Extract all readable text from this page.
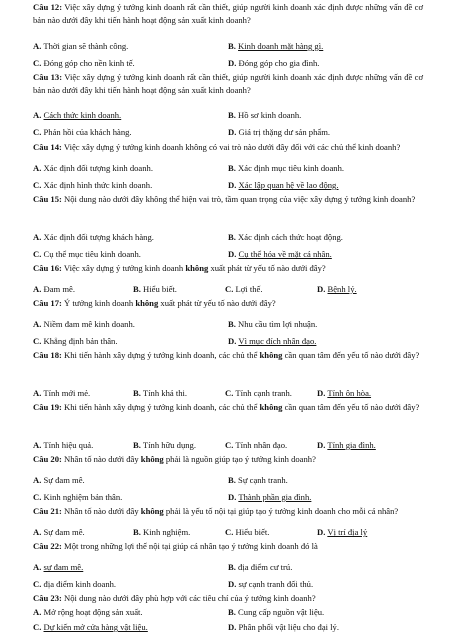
Câu 12: Việc xây dựng ý tưởng kinh doanh rất cần thiết, giúp người kinh doanh xác định được những vấn đề cơ bản nào dưới đây khi tiến hành hoạt động sản xuất kinh doanh?
A. Thời gian sẽ thành công.	B. Kinh doanh mặt hàng gì.
C. Đóng góp cho nền kinh tế.	D. Đóng góp cho gia đình.
Câu 13: Việc xây dựng ý tưởng kinh doanh rất cần thiết, giúp người kinh doanh xác định được những vấn đề cơ bản nào dưới đây khi tiến hành hoạt động sản xuất kinh doanh?
A. Cách thức kinh doanh.	B. Hồ sơ kinh doanh.
C. Phản hồi của khách hàng.	D. Giá trị thặng dư sản phẩm.
Câu 14: Việc xây dựng ý tưởng kinh doanh không có vai trò nào dưới đây đối với các chủ thể kinh doanh?
A. Xác định đối tượng kinh doanh.	B. Xác định mục tiêu kinh doanh.
C. Xác định hình thức kinh doanh.	D. Xác lập quan hệ về lao động.
Câu 15: Nội dung nào dưới đây không thể hiện vai trò, tầm quan trọng của việc xây dựng ý tưởng kinh doanh?
A. Xác định đối tượng khách hàng.	B. Xác định cách thức hoạt động.
C. Cụ thể mục tiêu kinh doanh.	D. Cụ thể hóa về mặt cá nhân.
Câu 16: Việc xây dựng ý tưởng kinh doanh không xuất phát từ yếu tố nào dưới đây?
A. Đam mê.	B. Hiểu biết.	C. Lợi thế.	D. Bệnh lý.
Câu 17: Ý tưởng kinh doanh không xuất phát từ yếu tố nào dưới đây?
A. Niềm đam mê kinh doanh.	B. Nhu cầu tìm lợi nhuận.
C. Khẳng định bản thân.	D. Vì mục đích nhân đạo.
Câu 18: Khi tiến hành xây dựng ý tưởng kinh doanh, các chủ thể không cần quan tâm đến yếu tố nào dưới đây?
A. Tính mới mẻ.	B. Tính khả thi.	C. Tính cạnh tranh.	D. Tính ôn hòa.
Câu 19: Khi tiến hành xây dựng ý tưởng kinh doanh, các chủ thể không cần quan tâm đến yếu tố nào dưới đây?
A. Tính hiệu quả.	B. Tính hữu dụng.	C. Tính nhân đạo.	D. Tính gia đình.
Câu 20: Nhân tố nào dưới đây không phải là nguồn giúp tạo ý tưởng kinh doanh?
A. Sự đam mê.	B. Sự cạnh tranh.
C. Kinh nghiệm bản thân.	D. Thành phần gia đình.
Câu 21: Nhân tố nào dưới đây không phải là yếu tố nội tại giúp tạo ý tưởng kinh doanh cho mỗi cá nhân?
A. Sự đam mê.	B. Kinh nghiệm.	C. Hiểu biết.	D. Vị trí địa lý
Câu 22: Một trong những lợi thế nội tại giúp cá nhân tạo ý tưởng kinh doanh đó là
A. sự đam mê.	B. địa điểm cư trú.
C. địa điểm kinh doanh.	D. sự cạnh tranh đối thủ.
Câu 23: Nội dung nào dưới đây phù hợp với các tiêu chí của ý tưởng kinh doanh?
A. Mở rộng hoạt động sản xuất.	B. Cung cấp nguồn vật liệu.
C. Dự kiến mở cửa hàng vật liệu.	D. Phân phối vật liệu cho đại lý.
